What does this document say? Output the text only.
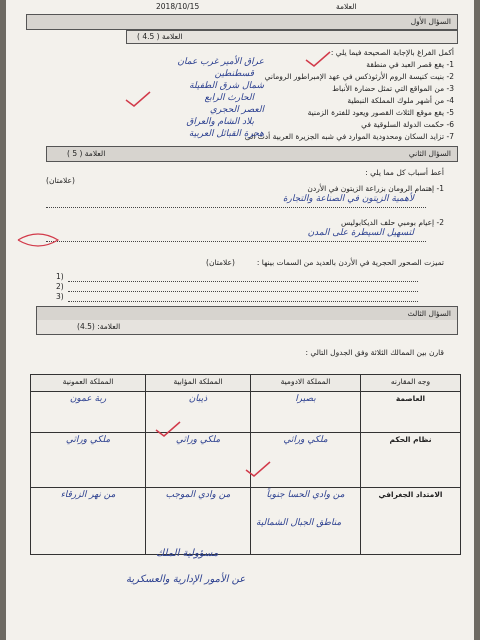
2018/10/15	العلامة
السؤال الأول
العلامة ( 4.5 )
أكمل الفراغ بالإجابة الصحيحة فيما يلي :
1- يقع قصر العبد في منطقة
عراق الأمير غرب عمان
2- بنيت كنيسة الروم الأرثوذكس في عهد الإمبراطور الروماني
قسطنطين
3- من المواقع التي تمثل حضارة الأنباط
شمال شرق الطفيلة
4- من أشهر ملوك المملكة النبطية
الحارث الرابع
5- يقع موقع الثلاث القصور ويعود للفترة الزمنية
العصر الحجري
6- حكمت الدولة السلوقية في
بلاد الشام والعراق
7- تزايد السكان ومحدودية الموارد في شبه الجزيرة العربية أدت الى
هجرة القبائل العربية
السؤال الثاني
العلامة ( 5 )
أعط أسباب كل مما يلي :
(علامتان)
1- إهتمام الرومان بزراعة الزيتون في الأردن
لأهمية الزيتون في الصناعة والتجارة
2- إعيام بومبي حلف الديكابوليس
لتسهيل السيطرة على المدن
تميزت الصحور الحجرية في الأردن بالعديد من السمات بينها :
(علامتان)
1)
2)
3)
السؤال الثالث
العلامة: (4.5)
قارن بين الممالك الثلاثة وفق الجدول التالي :
المملكة العمونية	المملكة المؤابية	المملكة الادومية	وجه المقارنه
ربة عمون	ذيبان	بصيرا	العاصمة
ملكي وراثي	ملكي وراثي	ملكي وراثي	نظام الحكم
من نهر الزرقاء	من وادي الموجب	من وادي الحسا جنوباً	الامتداد الجغرافي
مناطق الجبال الشمالية
مسؤولية الملك
عن الأمور الإدارية والعسكرية
